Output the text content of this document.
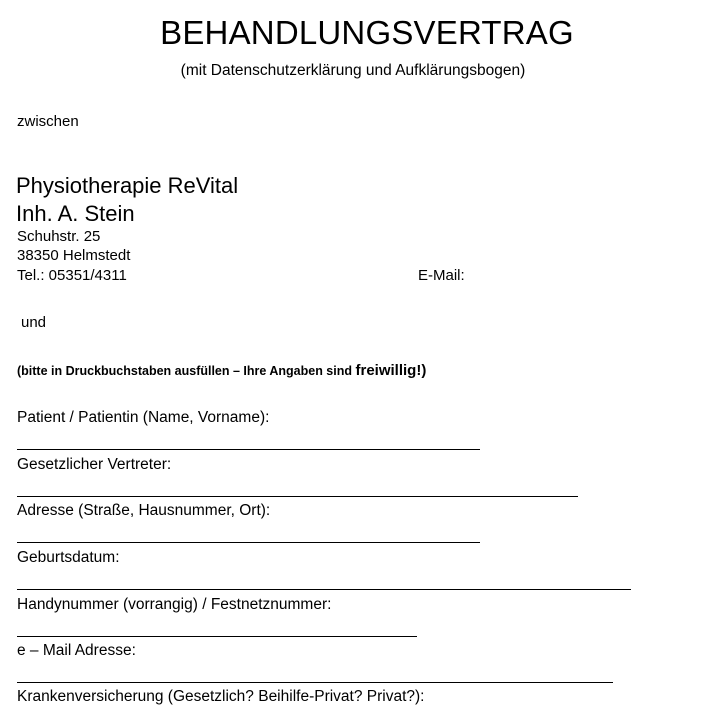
BEHANDLUNGSVERTRAG
(mit Datenschutzerklärung und Aufklärungsbogen)
zwischen
Physiotherapie ReVital
Inh. A. Stein
Schuhstr. 25
38350 Helmstedt
Tel.: 05351/4311	E-Mail:
und
(bitte in Druckbuchstaben ausfüllen – Ihre Angaben sind freiwillig!)
Patient / Patientin (Name, Vorname):
Gesetzlicher Vertreter:
Adresse (Straße, Hausnummer, Ort):
Geburtsdatum:
Handynummer (vorrangig) / Festnetznummer:
e – Mail Adresse:
Krankenversicherung (Gesetzlich? Beihilfe-Privat? Privat?):
